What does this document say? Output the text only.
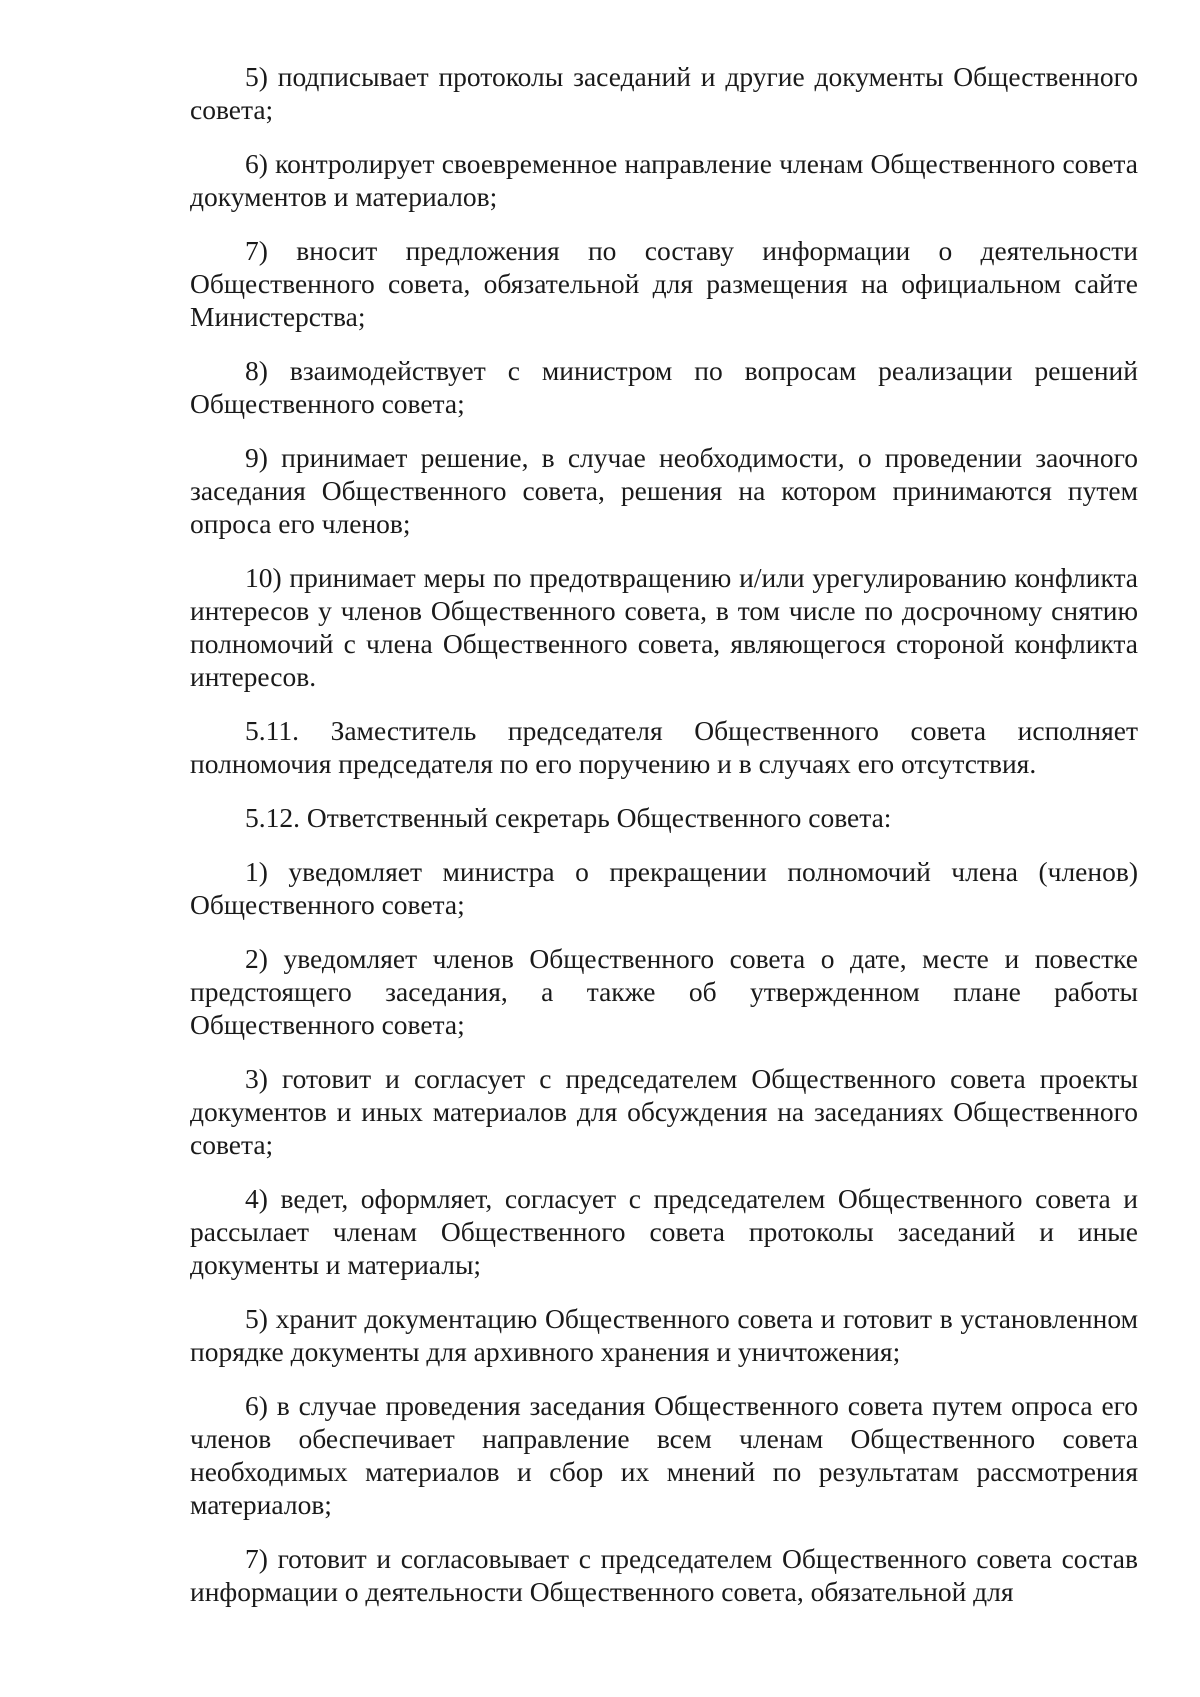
5) подписывает протоколы заседаний и другие документы Общественного совета;

6) контролирует своевременное направление членам Общественного совета документов и материалов;

7) вносит предложения по составу информации о деятельности Общественного совета, обязательной для размещения на официальном сайте Министерства;

8) взаимодействует с министром по вопросам реализации решений Общественного совета;

9) принимает решение, в случае необходимости, о проведении заочного заседания Общественного совета, решения на котором принимаются путем опроса его членов;

10) принимает меры по предотвращению и/или урегулированию конфликта интересов у членов Общественного совета, в том числе по досрочному снятию полномочий с члена Общественного совета, являющегося стороной конфликта интересов.

5.11. Заместитель председателя Общественного совета исполняет полномочия председателя по его поручению и в случаях его отсутствия.

5.12. Ответственный секретарь Общественного совета:

1) уведомляет министра о прекращении полномочий члена (членов) Общественного совета;

2) уведомляет членов Общественного совета о дате, месте и повестке предстоящего заседания, а также об утвержденном плане работы Общественного совета;

3) готовит и согласует с председателем Общественного совета проекты документов и иных материалов для обсуждения на заседаниях Общественного совета;

4) ведет, оформляет, согласует с председателем Общественного совета и рассылает членам Общественного совета протоколы заседаний и иные документы и материалы;

5) хранит документацию Общественного совета и готовит в установленном порядке документы для архивного хранения и уничтожения;

6) в случае проведения заседания Общественного совета путем опроса его членов обеспечивает направление всем членам Общественного совета необходимых материалов и сбор их мнений по результатам рассмотрения материалов;

7) готовит и согласовывает с председателем Общественного совета состав информации о деятельности Общественного совета, обязательной для
